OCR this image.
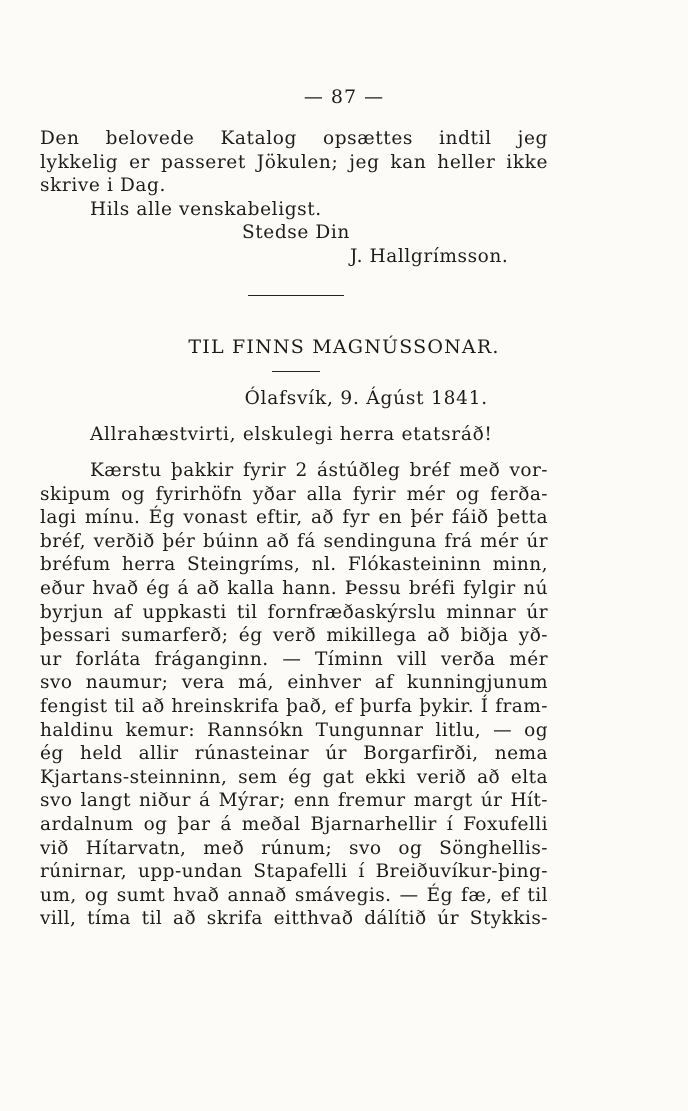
— 87 —
Den belovede Katalog opsættes indtil jeg
lykkelig er passeret Jökulen; jeg kan heller ikke
skrive i Dag.
Hils alle venskabeligst.
Stedse Din
J. Hallgrímsson.
TIL FINNS MAGNÚSSONAR.
Ólafsvík, 9. Ágúst 1841.
Allrahæstvirti, elskulegi herra etatsráð!
Kærstu þakkir fyrir 2 ástúðleg bréf með vor-
skipum og fyrirhöfn yðar alla fyrir mér og ferða-
lagi mínu. Ég vonast eftir, að fyr en þér fáið þetta
bréf, verðið þér búinn að fá sendinguna frá mér úr
bréfum herra Steingríms, nl. Flókasteininn minn,
eður hvað ég á að kalla hann. Þessu bréfi fylgir nú
byrjun af uppkasti til fornfræðaskýrslu minnar úr
þessari sumarferð; ég verð mikillega að biðja yð-
ur forláta fráganginn. — Tíminn vill verða mér
svo naumur; vera má, einhver af kunningjunum
fengist til að hreinskrifa það, ef þurfa þykir. Í fram-
haldinu kemur: Rannsókn Tungunnar litlu, — og
ég held allir rúnasteinar úr Borgarfirði, nema
Kjartans-steinninn, sem ég gat ekki verið að elta
svo langt niður á Mýrar; enn fremur margt úr Hít-
ardalnum og þar á meðal Bjarnarhellir í Foxufelli
við Hítarvatn, með rúnum; svo og Sönghellis-
rúnirnar, upp-undan Stapafelli í Breiðuvíkur-þing-
um, og sumt hvað annað smávegis. — Ég fæ, ef til
vill, tíma til að skrifa eitthvað dálítið úr Stykkis-
